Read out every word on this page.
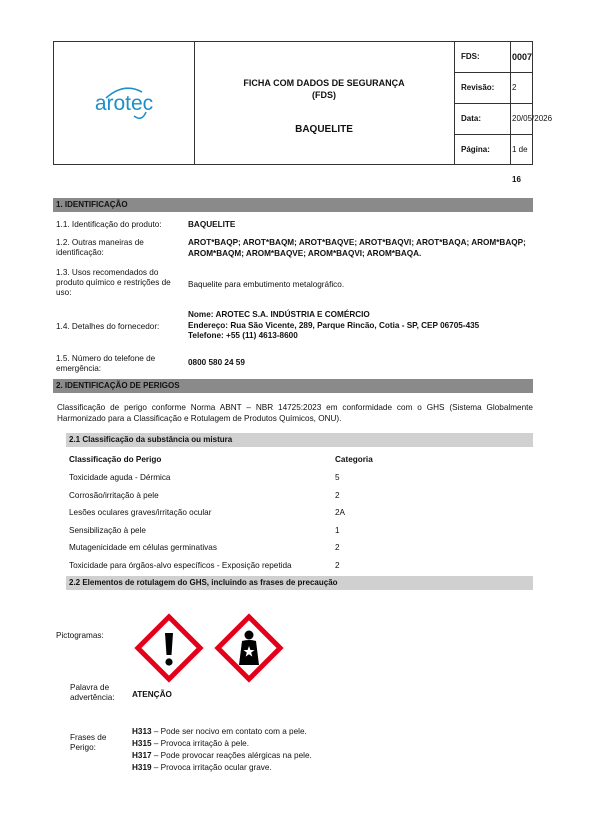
arotec
FICHA COM DADOS DE SEGURANÇA
(FDS)
BAQUELITE
FDS:	0007
Revisão:	2
Data:	20/05/2026
Página:	1 de 16
1. IDENTIFICAÇÃO
1.1. Identificação do produto:	BAQUELITE
1.2. Outras maneiras de identificação:
AROT*BAQP; AROT*BAQM; AROT*BAQVE; AROT*BAQVI; AROT*BAQA; AROM*BAQP; AROM*BAQM; AROM*BAQVE; AROM*BAQVI; AROM*BAQA.
1.3. Usos recomendados do produto químico e restrições de uso:
Baquelite para embutimento metalográfico.
1.4. Detalhes do fornecedor:
Nome: AROTEC S.A. INDÚSTRIA E COMÉRCIO
Endereço: Rua São Vicente, 289, Parque Rincão, Cotia - SP, CEP 06705-435
Telefone: +55 (11) 4613-8600
1.5. Número do telefone de emergência:
0800 580 24 59
2. IDENTIFICAÇÃO DE PERIGOS
Classificação de perigo conforme Norma ABNT – NBR 14725:2023 em conformidade com o GHS (Sistema Globalmente Harmonizado para a Classificação e Rotulagem de Produtos Químicos, ONU).
2.1 Classificação da substância ou mistura
Classificação do Perigo	Categoria
Toxicidade aguda - Dérmica	5
Corrosão/irritação à pele	2
Lesões oculares graves/irritação ocular	2A
Sensibilização à pele	1
Mutagenicidade em células germinativas	2
Toxicidade para órgãos-alvo específicos - Exposição repetida	2
2.2 Elementos de rotulagem do GHS, incluindo as frases de precaução
Pictogramas:
Palavra de advertência:	ATENÇÃO
Frases de Perigo:
H313 – Pode ser nocivo em contato com a pele.
H315 – Provoca irritação à pele.
H317 – Pode provocar reações alérgicas na pele.
H319 – Provoca irritação ocular grave.
